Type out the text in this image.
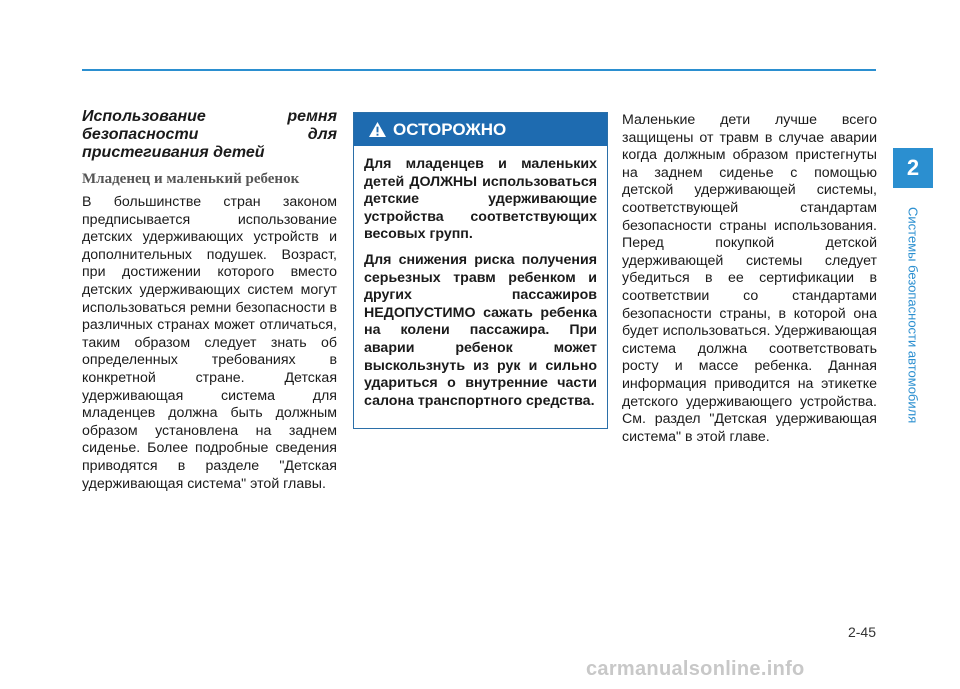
Использование ремня безопасности для пристегивания детей
Младенец и маленький ребенок

В большинстве стран законом предписывается использование детских удерживающих устройств и дополнительных подушек. Возраст, при достижении которого вместо детских удерживающих систем могут использоваться ремни безопасности в различных странах может отличаться, таким образом следует знать об определенных требованиях в конкретной стране. Детская удерживающая система для младенцев должна быть должным образом установлена на заднем сиденье. Более подробные сведения приводятся в разделе "Детская удерживающая система" этой главы.

ОСТОРОЖНО

Для младенцев и маленьких детей ДОЛЖНЫ использоваться детские удерживающие устройства соответствующих весовых групп.

Для снижения риска получения серьезных травм ребенком и других пассажиров НЕДОПУСТИМО сажать ребенка на колени пассажира. При аварии ребенок может выскользнуть из рук и сильно удариться о внутренние части салона транспортного средства.

Маленькие дети лучше всего защищены от травм в случае аварии когда должным образом пристегнуты на заднем сиденье с помощью детской удерживающей системы, соответствующей стандартам безопасности страны использования. Перед покупкой детской удерживающей системы следует убедиться в ее сертификации в соответствии со стандартами безопасности страны, в которой она будет использоваться. Удерживающая система должна соответствовать росту и массе ребенка. Данная информация приводится на этикетке детского удерживающего устройства. См. раздел "Детская удерживающая система" в этой главе.

2
Системы безопасности автомобиля
2-45
carmanualsonline.info
